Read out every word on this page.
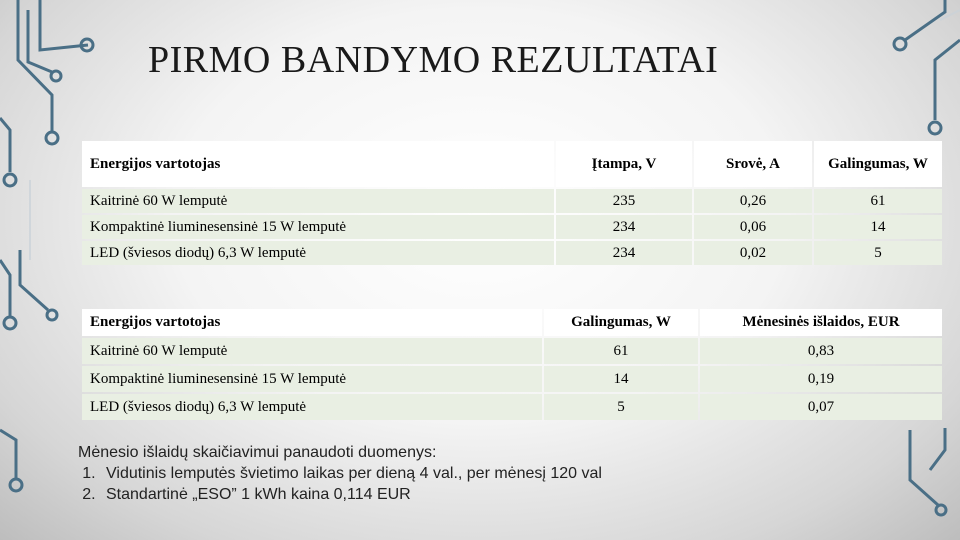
PIRMO BANDYMO REZULTATAI
Energijos vartotojas	Įtampa, V	Srovė, A	Galingumas, W
Kaitrinė 60 W lemputė	235	0,26	61
Kompaktinė liuminesensinė 15 W lemputė	234	0,06	14
LED (šviesos diodų) 6,3 W lemputė	234	0,02	5
Energijos vartotojas	Galingumas, W	Mėnesinės išlaidos, EUR
Kaitrinė 60 W lemputė	61	0,83
Kompaktinė liuminesensinė 15 W lemputė	14	0,19
LED (šviesos diodų) 6,3 W lemputė	5	0,07

Mėnesio išlaidų skaičiavimui panaudoti duomenys:

1. Vidutinis lemputės švietimo laikas per dieną 4 val., per mėnesį 120 val
2. Standartinė „ESO” 1 kWh kaina 0,114 EUR
